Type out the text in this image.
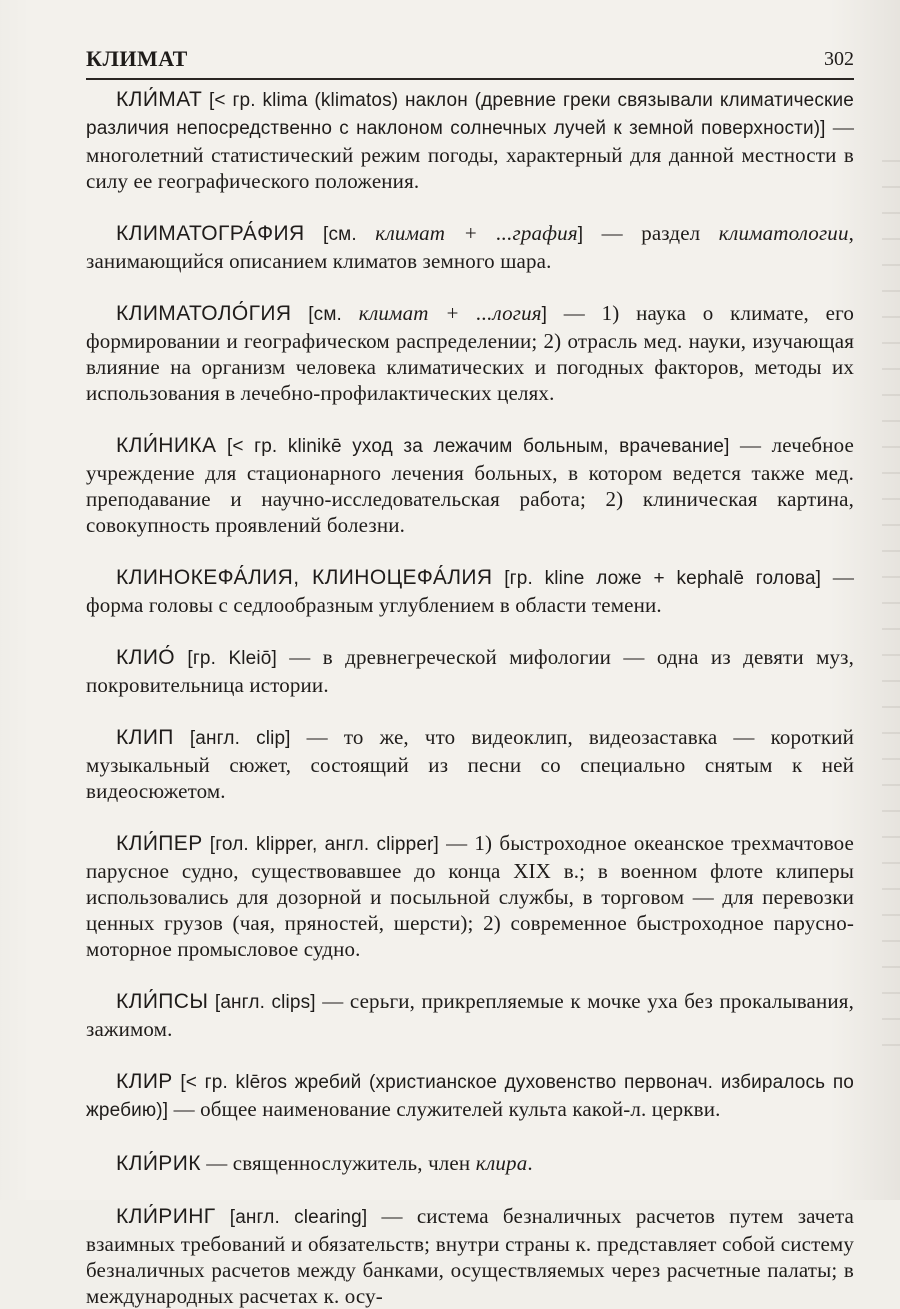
КЛИМАТ	302

КЛИ́МАТ [< гр. klima (klimatos) наклон (древние греки связывали климатические различия непосредственно с наклоном солнечных лучей к земной поверхности)] — многолетний статистический режим погоды, характерный для данной местности в силу ее географического положения.

КЛИМАТОГРА́ФИЯ [см. климат + ...графия] — раздел климатологии, занимающийся описанием климатов земного шара.

КЛИМАТОЛО́ГИЯ [см. климат + ...логия] — 1) наука о климате, его формировании и географическом распределении; 2) отрасль мед. науки, изучающая влияние на организм человека климатических и погодных факторов, методы их использования в лечебно-профилактических целях.

КЛИ́НИКА [< гр. klinikē уход за лежачим больным, врачевание] — лечебное учреждение для стационарного лечения больных, в котором ведется также мед. преподавание и научно-исследовательская работа; 2) клиническая картина, совокупность проявлений болезни.

КЛИНОКЕФА́ЛИЯ, КЛИНОЦЕФА́ЛИЯ [гр. kline ложе + kephalē голова] — форма головы с седлообразным углублением в области темени.

КЛИО́ [гр. Kleiō] — в древнегреческой мифологии — одна из девяти муз, покровительница истории.

КЛИП [англ. clip] — то же, что видеоклип, видеозаставка — короткий музыкальный сюжет, состоящий из песни со специально снятым к ней видеосюжетом.

КЛИ́ПЕР [гол. klipper, англ. clipper] — 1) быстроходное океанское трехмачтовое парусное судно, существовавшее до конца XIX в.; в военном флоте клиперы использовались для дозорной и посыльной службы, в торговом — для перевозки ценных грузов (чая, пряностей, шерсти); 2) современное быстроходное парусно-моторное промысловое судно.

КЛИ́ПСЫ [англ. clips] — серьги, прикрепляемые к мочке уха без прокалывания, зажимом.

КЛИР [< гр. klēros жребий (христианское духовенство первонач. избиралось по жребию)] — общее наименование служителей культа какой-л. церкви.

КЛИ́РИК — священнослужитель, член клира.

КЛИ́РИНГ [англ. clearing] — система безналичных расчетов путем зачета взаимных требований и обязательств; внутри страны к. представляет собой систему безналичных расчетов между банками, осуществляемых через расчетные палаты; в международных расчетах к. осу-
